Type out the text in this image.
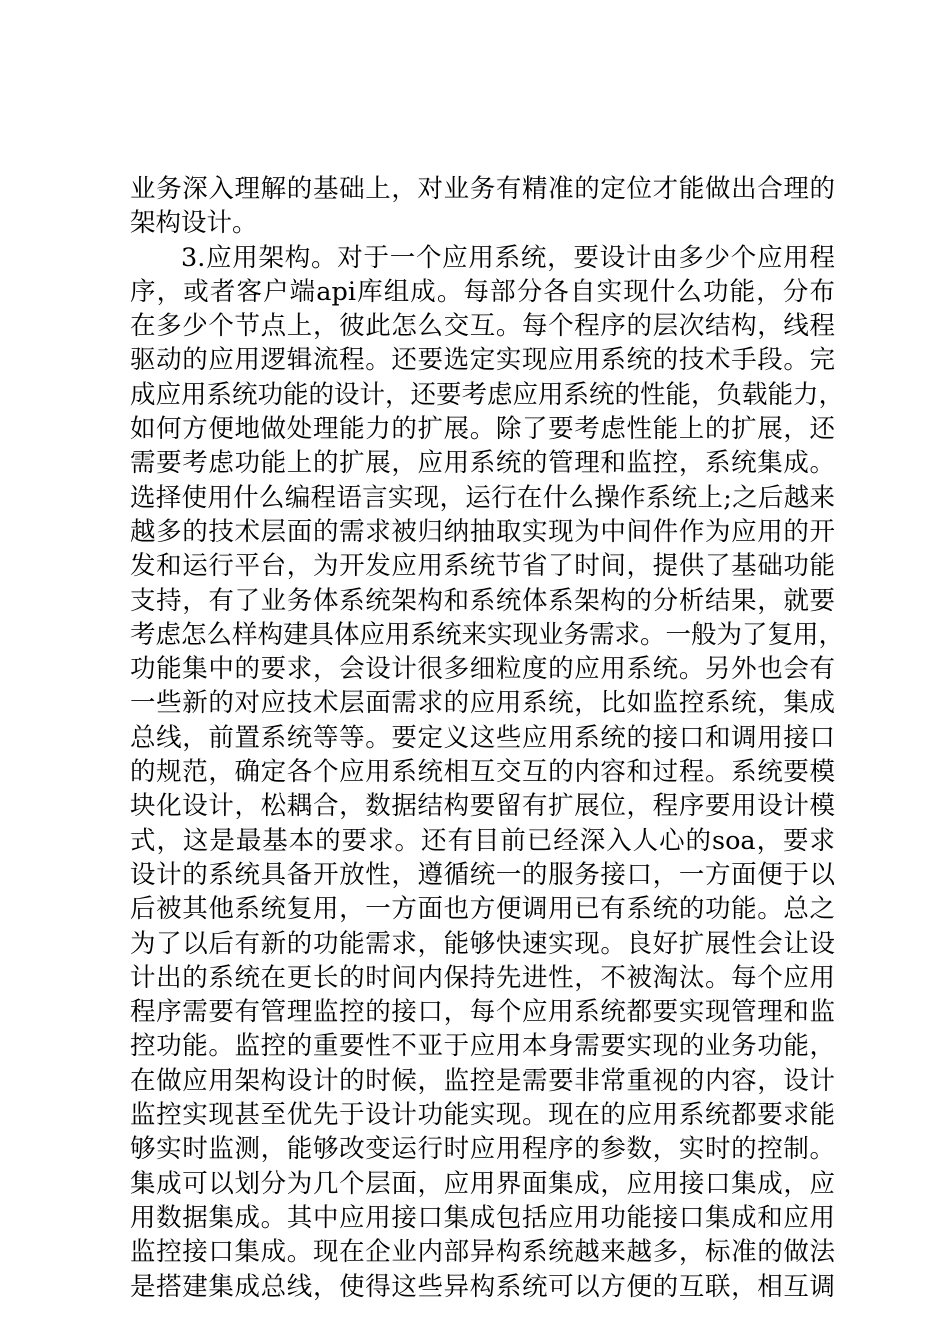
业务深入理解的基础上，对业务有精准的定位才能做出合理的
架构设计。
3.应用架构。对于一个应用系统，要设计由多少个应用程
序，或者客户端api库组成。每部分各自实现什么功能，分布
在多少个节点上，彼此怎么交互。每个程序的层次结构，线程
驱动的应用逻辑流程。还要选定实现应用系统的技术手段。完
成应用系统功能的设计，还要考虑应用系统的性能，负载能力，
如何方便地做处理能力的扩展。除了要考虑性能上的扩展，还
需要考虑功能上的扩展，应用系统的管理和监控，系统集成。
选择使用什么编程语言实现，运行在什么操作系统上;之后越来
越多的技术层面的需求被归纳抽取实现为中间件作为应用的开
发和运行平台，为开发应用系统节省了时间，提供了基础功能
支持，有了业务体系统架构和系统体系架构的分析结果，就要
考虑怎么样构建具体应用系统来实现业务需求。一般为了复用，
功能集中的要求，会设计很多细粒度的应用系统。另外也会有
一些新的对应技术层面需求的应用系统，比如监控系统，集成
总线，前置系统等等。要定义这些应用系统的接口和调用接口
的规范，确定各个应用系统相互交互的内容和过程。系统要模
块化设计，松耦合，数据结构要留有扩展位，程序要用设计模
式，这是最基本的要求。还有目前已经深入人心的soa，要求
设计的系统具备开放性，遵循统一的服务接口，一方面便于以
后被其他系统复用，一方面也方便调用已有系统的功能。总之
为了以后有新的功能需求，能够快速实现。良好扩展性会让设
计出的系统在更长的时间内保持先进性，不被淘汰。每个应用
程序需要有管理监控的接口，每个应用系统都要实现管理和监
控功能。监控的重要性不亚于应用本身需要实现的业务功能，
在做应用架构设计的时候，监控是需要非常重视的内容，设计
监控实现甚至优先于设计功能实现。现在的应用系统都要求能
够实时监测，能够改变运行时应用程序的参数，实时的控制。
集成可以划分为几个层面，应用界面集成，应用接口集成，应
用数据集成。其中应用接口集成包括应用功能接口集成和应用
监控接口集成。现在企业内部异构系统越来越多，标准的做法
是搭建集成总线，使得这些异构系统可以方便的互联，相互调
